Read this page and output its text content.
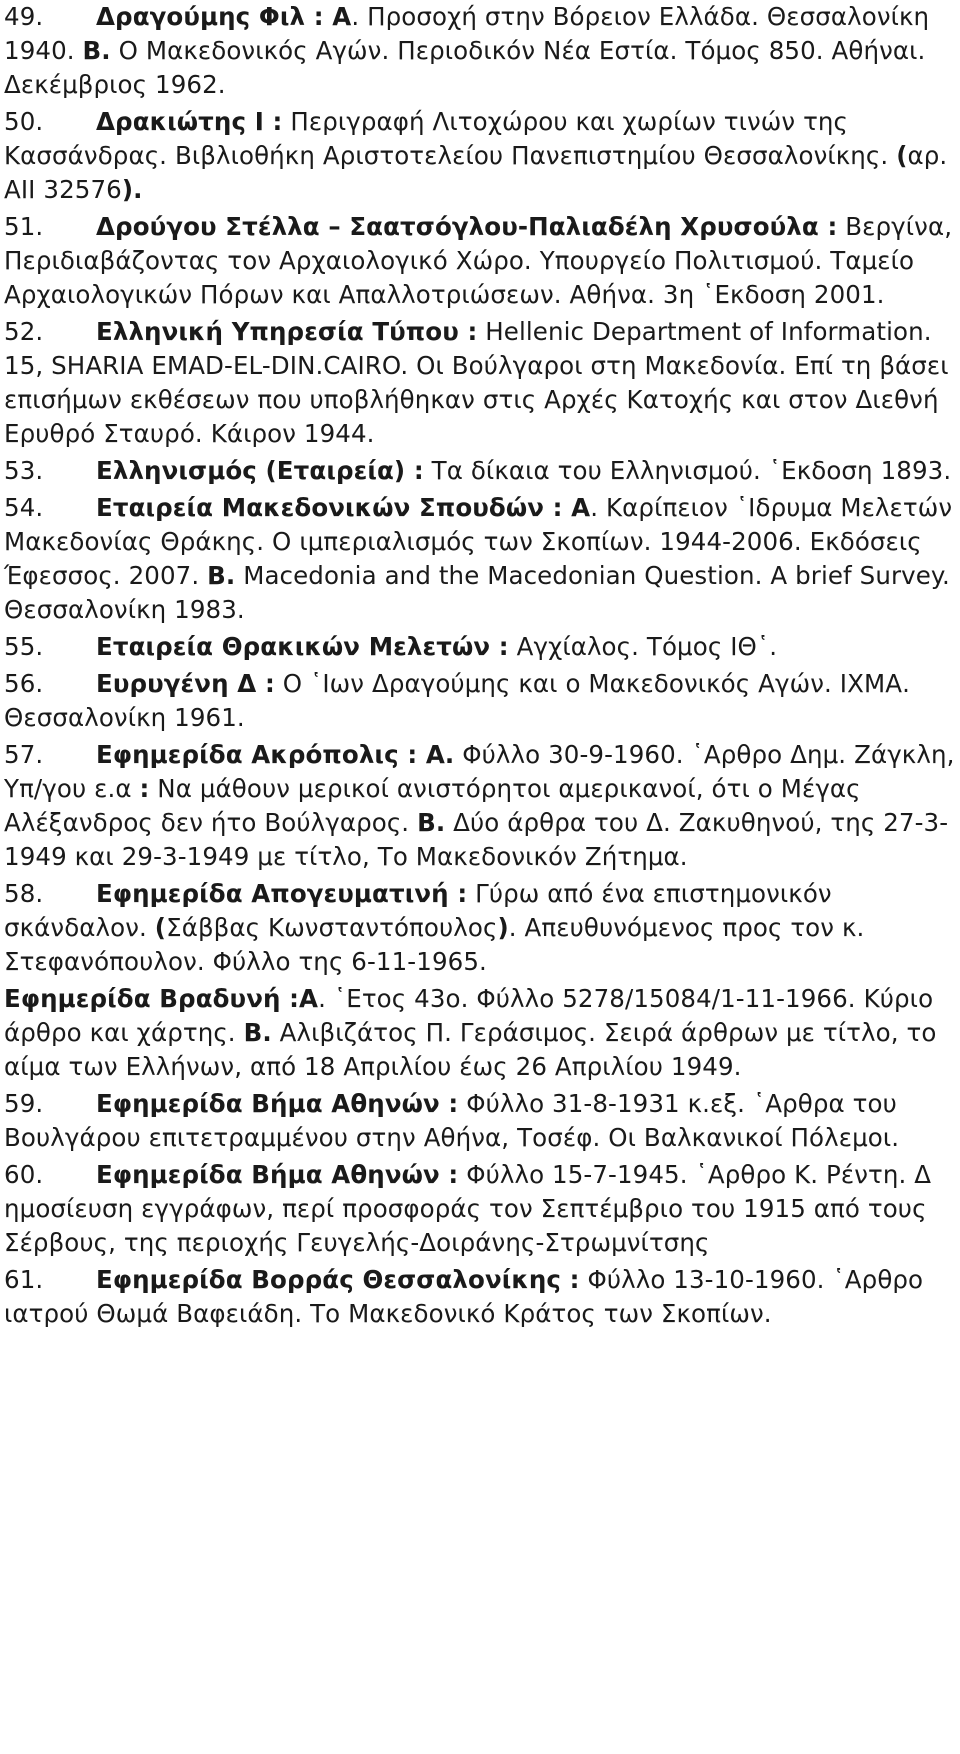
49. Δραγούμης Φιλ : Α. Προσοχή στην Βόρειον Ελλάδα. Θεσσαλονίκη 1940. Β. Ο Μακεδονικός Αγών. Περιοδικόν Νέα Εστία. Τόμος 850. Αθήναι. Δεκέμβριος 1962.
50. Δρακιώτης Ι : Περιγραφή Λιτοχώρου και χωρίων τινών της Κασσάνδρας. Βιβλιοθήκη Αριστοτελείου Πανεπιστημίου Θεσσαλονίκης. (αρ. ΑΙΙ 32576).
51. Δρούγου Στέλλα – Σαατσόγλου-Παλιαδέλη Χρυσούλα : Βεργίνα, Περιδιαβάζοντας τον Αρχαιολογικό Χώρο. Υπουργείο Πολιτισμού. Ταμείο Αρχαιολογικών Πόρων και Απαλλοτριώσεων. Αθήνα. 3η ῾Εκδοση 2001.
52. Ελληνική Υπηρεσία Τύπου : Hellenic Department of Information. 15, SHARIA EMAD-EL-DIN.CAIRO. Οι Βούλγαροι στη Μακεδονία. Επί τη βάσει επισήμων εκθέσεων που υποβλήθηκαν στις Αρχές Κατοχής και στον Διεθνή Ερυθρό Σταυρό. Κάιρον 1944.
53. Ελληνισμός (Εταιρεία) : Τα δίκαια του Ελληνισμού. ῾Εκδοση 1893.
54. Εταιρεία Μακεδονικών Σπουδών : Α. Καρίπειον ῾Ιδρυμα Μελετών Μακεδονίας Θράκης. Ο ιμπεριαλισμός των Σκοπίων. 1944-2006. Εκδόσεις Έφεσσος. 2007. Β. Macedonia and the Macedonian Question. A brief Survey. Θεσσαλονίκη 1983.
55. Εταιρεία Θρακικών Μελετών : Αγχίαλος. Τόμος ΙΘ῾.
56. Ευρυγένη Δ : Ο ῾Ιων Δραγούμης και ο Μακεδονικός Αγών. ΙΧΜΑ. Θεσσαλονίκη 1961.
57. Εφημερίδα Ακρόπολις : Α. Φύλλο 30-9-1960. ῾Αρθρο Δημ. Ζάγκλη, Υπ/γου ε.α : Να μάθουν μερικοί ανιστόρητοι αμερικανοί, ότι ο Μέγας Αλέξανδρος δεν ήτο Βούλγαρος. Β. Δύο άρθρα του Δ. Ζακυθηνού, της 27-3-1949 και 29-3-1949 με τίτλο, Το Μακεδονικόν Ζήτημα.
58. Εφημερίδα Απογευματινή : Γύρω από ένα επιστημονικόν σκάνδαλον. (Σάββας Κωνσταντόπουλος). Απευθυνόμενος προς τον κ. Στεφανόπουλον. Φύλλο της 6-11-1965.
Εφημερίδα Βραδυνή :Α. ῾Ετος 43ο. Φύλλο 5278/15084/1-11-1966. Κύριο άρθρο και χάρτης. Β. Αλιβιζάτος Π. Γεράσιμος. Σειρά άρθρων με τίτλο, το αίμα των Ελλήνων, από 18 Απριλίου έως 26 Απριλίου 1949.
59. Εφημερίδα Βήμα Αθηνών : Φύλλο 31-8-1931 κ.εξ. ῾Αρθρα του Βουλγάρου επιτετραμμένου στην Αθήνα, Τοσέφ. Οι Βαλκανικοί Πόλεμοι.
60. Εφημερίδα Βήμα Αθηνών : Φύλλο 15-7-1945. ῾Αρθρο Κ. Ρέντη. Δ ημοσίευση εγγράφων, περί προσφοράς τον Σεπτέμβριο του 1915 από τους Σέρβους, της περιοχής Γευγελής-Δοιράνης-Στρωμνίτσης
61. Εφημερίδα Βορράς Θεσσαλονίκης : Φύλλο 13-10-1960. ῾Αρθρο ιατρού Θωμά Βαφειάδη. Το Μακεδονικό Κράτος των Σκοπίων.
